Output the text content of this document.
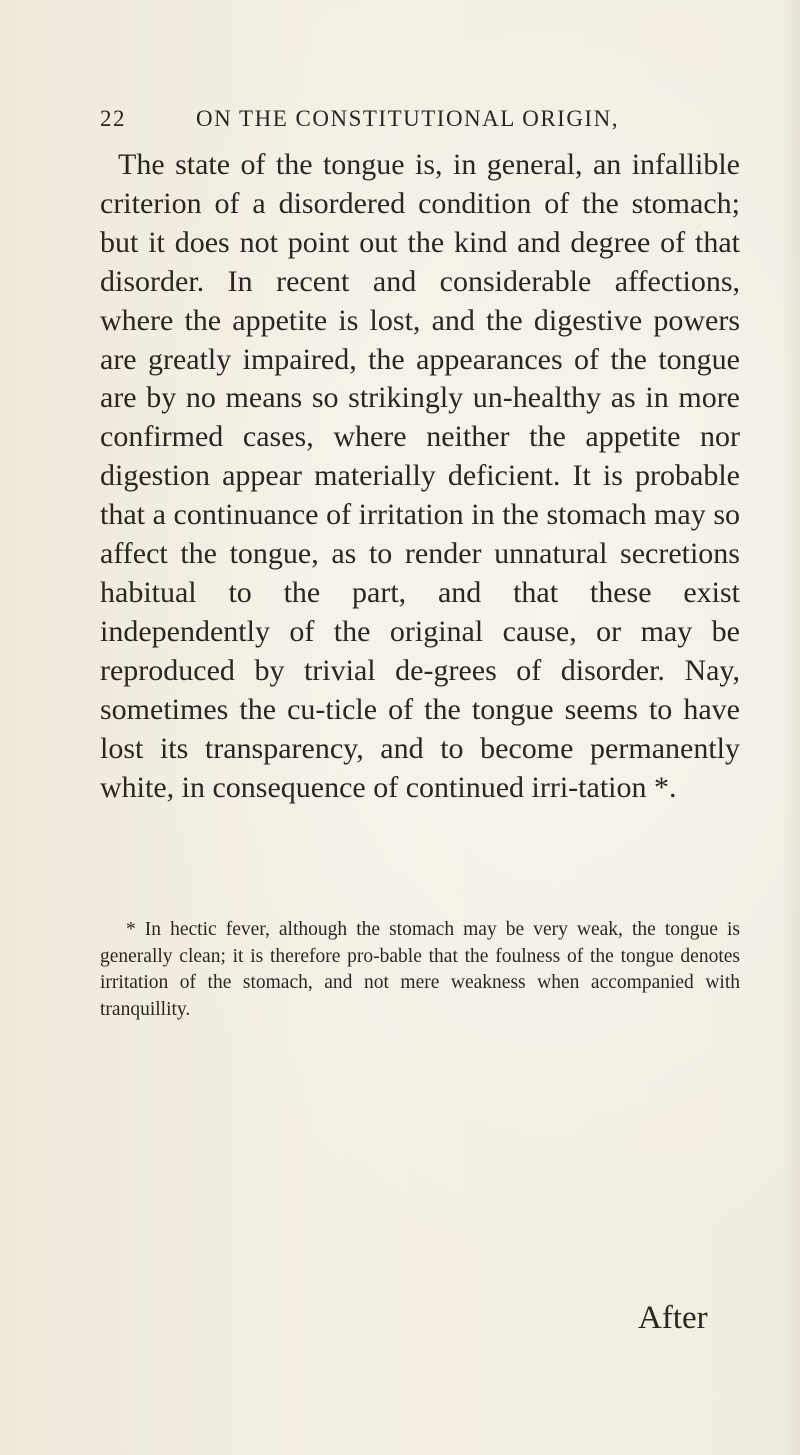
22	ON THE CONSTITUTIONAL ORIGIN,

The state of the tongue is, in general, an infallible criterion of a disordered condition of the stomach; but it does not point out the kind and degree of that disorder. In recent and considerable affections, where the appetite is lost, and the digestive powers are greatly impaired, the appearances of the tongue are by no means so strikingly un-healthy as in more confirmed cases, where neither the appetite nor digestion appear materially deficient. It is probable that a continuance of irritation in the stomach may so affect the tongue, as to render unnatural secretions habitual to the part, and that these exist independently of the original cause, or may be reproduced by trivial de-grees of disorder. Nay, sometimes the cu-ticle of the tongue seems to have lost its transparency, and to become permanently white, in consequence of continued irri-tation *.

* In hectic fever, although the stomach may be very weak, the tongue is generally clean; it is therefore pro-bable that the foulness of the tongue denotes irritation of the stomach, and not mere weakness when accompanied with tranquillity.

After
